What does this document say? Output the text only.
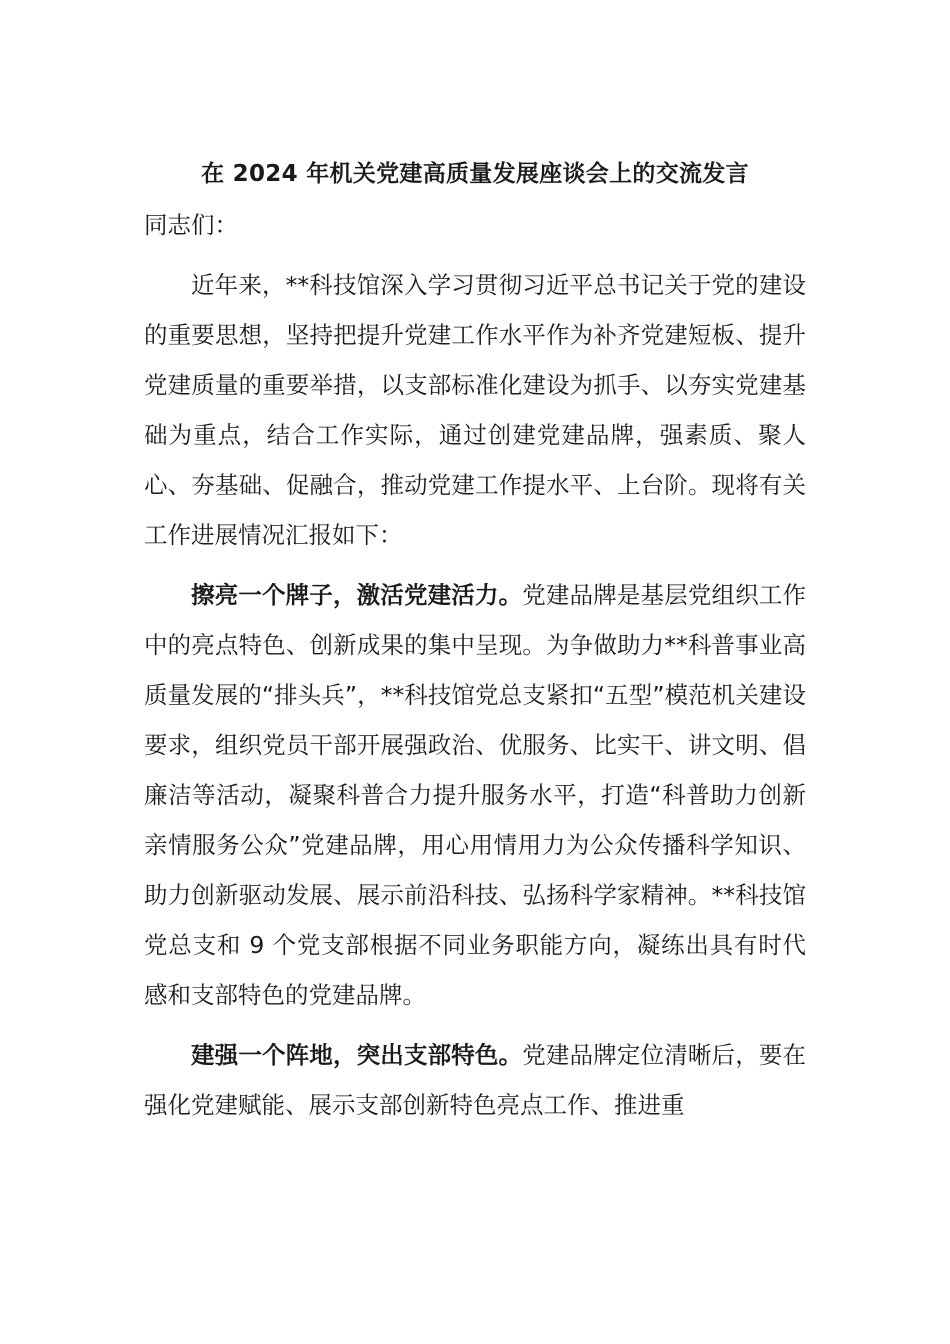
在 2024 年机关党建高质量发展座谈会上的交流发言

同志们：

近年来，**科技馆深入学习贯彻习近平总书记关于党的建设的重要思想，坚持把提升党建工作水平作为补齐党建短板、提升党建质量的重要举措，以支部标准化建设为抓手、以夯实党建基础为重点，结合工作实际，通过创建党建品牌，强素质、聚人心、夯基础、促融合，推动党建工作提水平、上台阶。现将有关工作进展情况汇报如下：

擦亮一个牌子，激活党建活力。党建品牌是基层党组织工作中的亮点特色、创新成果的集中呈现。为争做助力**科普事业高质量发展的“排头兵”，**科技馆党总支紧扣“五型”模范机关建设要求，组织党员干部开展强政治、优服务、比实干、讲文明、倡廉洁等活动，凝聚科普合力提升服务水平，打造“科普助力创新亲情服务公众”党建品牌，用心用情用力为公众传播科学知识、助力创新驱动发展、展示前沿科技、弘扬科学家精神。**科技馆党总支和 9 个党支部根据不同业务职能方向，凝练出具有时代感和支部特色的党建品牌。

建强一个阵地，突出支部特色。党建品牌定位清晰后，要在强化党建赋能、展示支部创新特色亮点工作、推进重
